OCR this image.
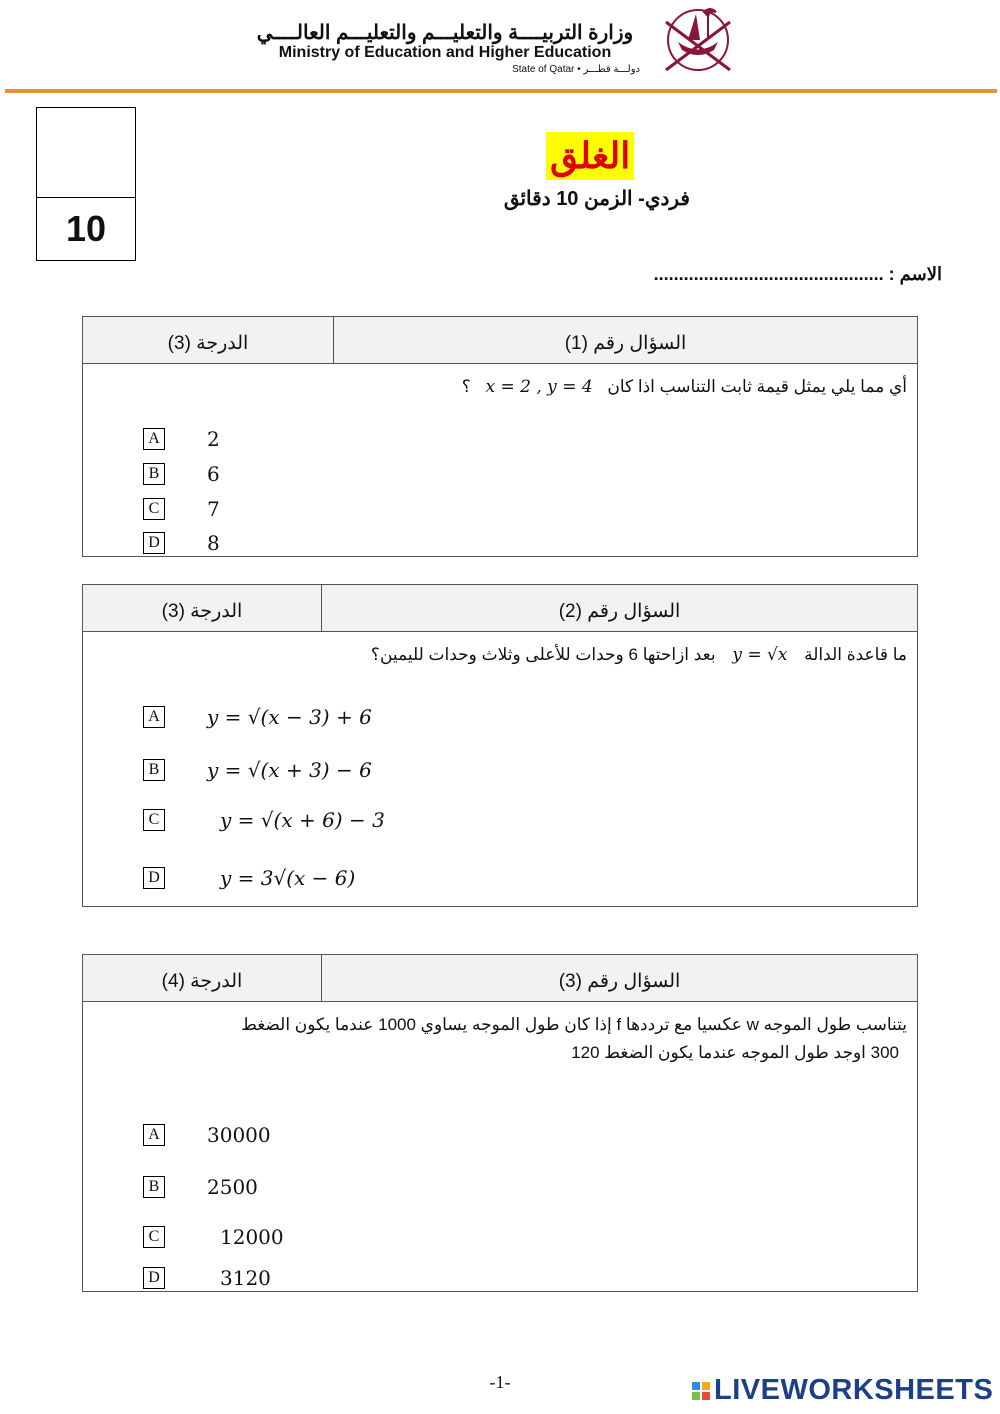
وزارة التربيــــة والتعليـــم والتعليـــم العالــــي
Ministry of Education and Higher Education
State of Qatar • دولـــة قطـــر
10
الغلق
فردي- الزمن 10 دقائق
الاسم : ..............................................
الدرجة (3)	السؤال رقم (1)
أي مما يلي يمثل قيمة ثابت التناسب اذا كان x = 2 , y = 4 ؟
A 2
B 6
C 7
D 8
الدرجة (3)	السؤال رقم (2)
ما قاعدة الدالة y = √x بعد ازاحتها 6 وحدات للأعلى وثلاث وحدات لليمين؟
A y = √(x − 3) + 6
B y = √(x + 3) − 6
C	y = √(x + 6) − 3
D	y = 3√(x − 6)
الدرجة (4)	السؤال رقم (3)
يتناسب طول الموجه w عكسيا مع ترددها f إذا كان طول الموجه يساوي 1000 عندما يكون الضغط
300 اوجد طول الموجه عندما يكون الضغط 120
A 30000
B 2500
C	12000
D	3120
-1-	LIVEWORKSHEETS
